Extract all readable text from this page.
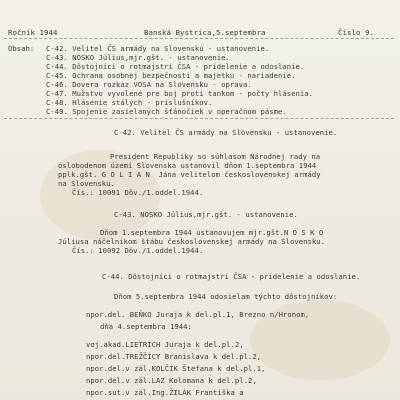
Ročník 1944	Banská Bystrica,5.septembra	Číslo 9.
Obsah: C-42. Velitel ČS armády na Slovensku - ustanovenie.
C-43. NOSKO Július,mjr.gšt. - ustanovenie.
C-44. Dôstojníci o rotmajstri ČSA - pridelenie a odoslanie.
C-45. Ochrana osobnej bezpečnosti a majetku - nariadenie.
C-46. Dovera rozkaz VOSA na Slovensku - oprava.
C-47. Mužstvo vyvolené pre boj proti tankom - počty hlásenia.
C-48. Hlásenie stálych - príslušníkov.
C-49. Spojenie zasielaných šťánočiek v operačnom pásme.
C-42. Velitel ČS armády na Slovensku - ustanovenie.
President Republiky so súhlasom Národnej rady na
oslobodenom území Slovenska ustanovil dňom 1.septembra 1944
pplk.gšt. G O L I A N  Jána velitelom československej armády
na Slovensku.
Čís.: 10091 Dôv./1.oddel.1944.
C-43. NOSKO Július,mjr.gšt. - ustanovenie.
Dňom 1.septembra 1944 ustanovujem mjr.gšt.N O S K O
Júliusa náčelníkom štábu československej armády na Slovensku.
Čís.: 10092 Dôv./1.oddel.1944.
C-44. Dôstojníci o rotmajstri ČSA - pridelenie a odoslanie.
Dňom 5.septembra 1944 odosielam týchto dôstojníkov:
npor.del. BEŇKO Juraja k del.pl.1, Brezno n/Hronom,
dňa 4.septembra 1944:
voj.akad.LIETRICH Juraja k del.pl.2,
npor.del.TREŽČÍCY Branislava k del.pl.2,
npor.del.v zál.KOLČÍK Štefana k del.pl.1,
npor.del.v zál.LAZ Kolomana k del.pl.2,
npor.sut.v zál.Ing.ŽILÁK Františka a
